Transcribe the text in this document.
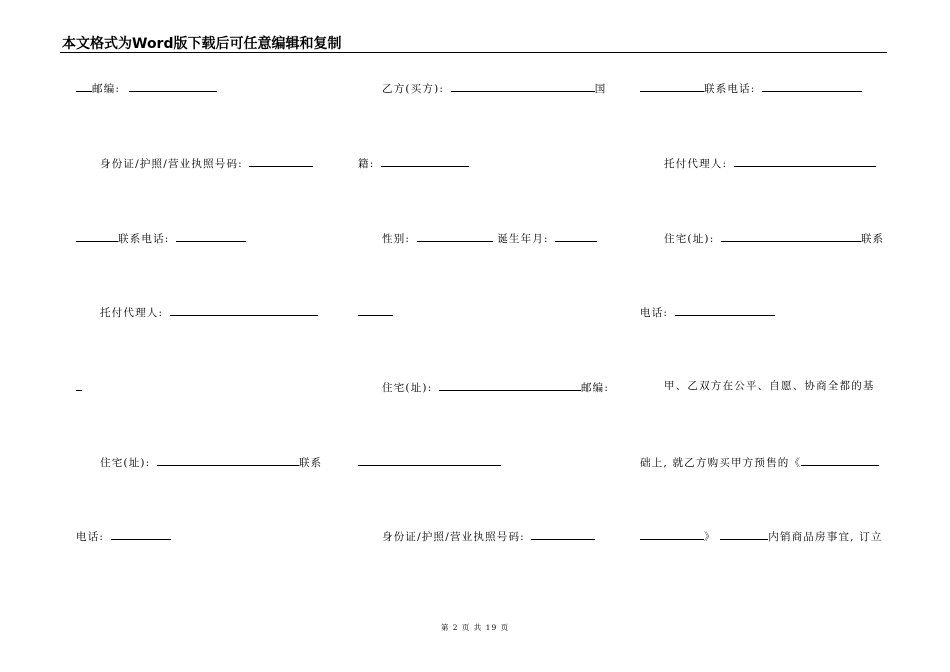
本文格式为Word版下载后可任意编辑和复制
邮编:
身份证/护照/营业执照号码:
联系电话:
托付代理人:
住宅(址):	联系
电话:
乙方(买方):	国
籍:
性别:	诞生年月:
住宅(址):	邮编:
身份证/护照/营业执照号码:
联系电话:
托付代理人:
住宅(址):	联系
电话:
甲、乙双方在公平、自愿、协商全都的基
础上, 就乙方购买甲方预售的《
》	内销商品房事宜, 订立
第 2 页 共 19 页
